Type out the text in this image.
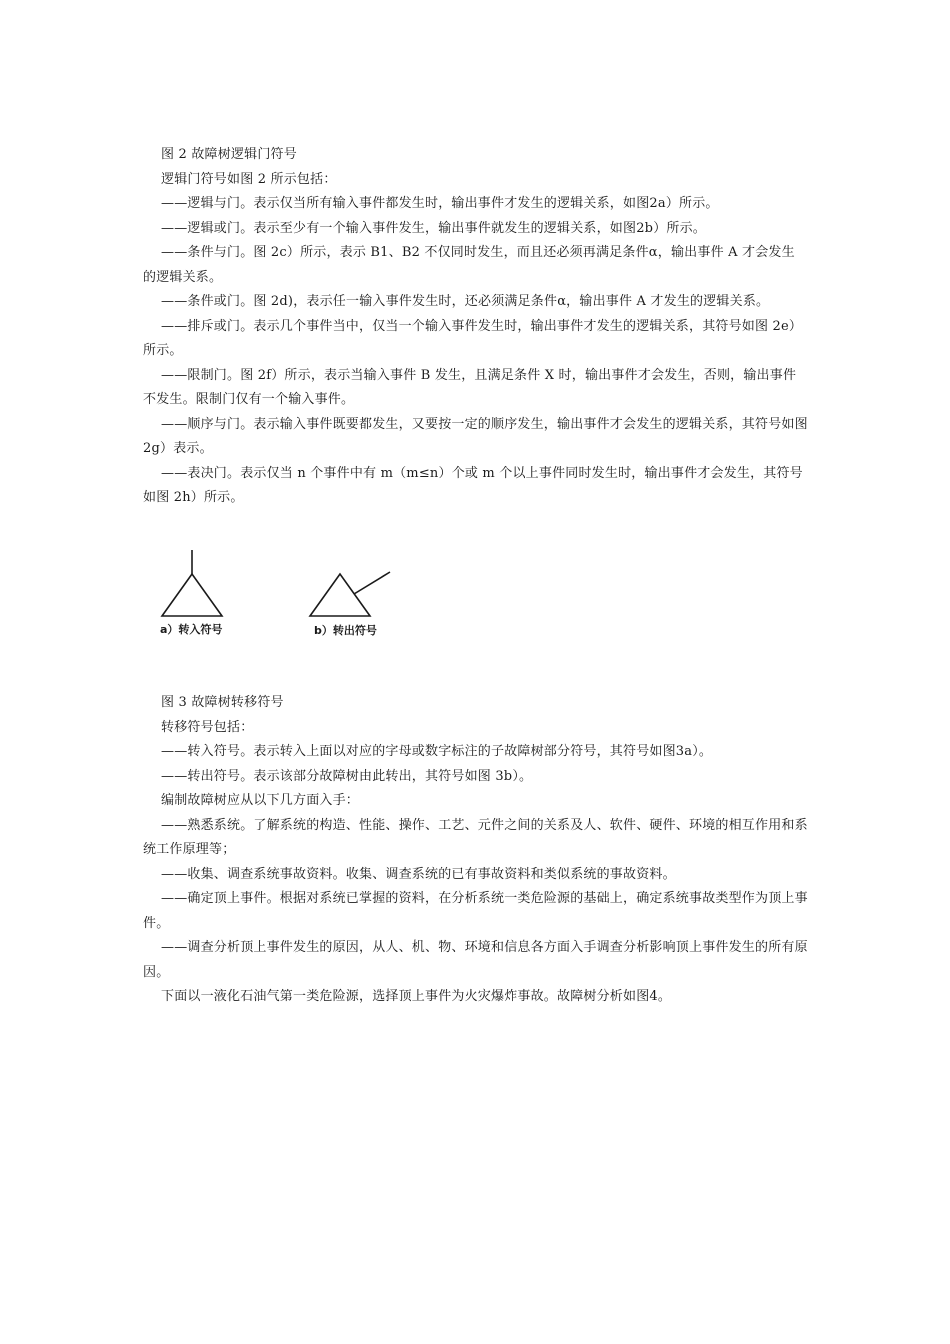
图 2 故障树逻辑门符号

逻辑门符号如图 2 所示包括：

——逻辑与门。表示仅当所有输入事件都发生时，输出事件才发生的逻辑关系，如图2a）所示。

——逻辑或门。表示至少有一个输入事件发生，输出事件就发生的逻辑关系，如图2b）所示。

——条件与门。图 2c）所示，表示 B1、B2 不仅同时发生，而且还必须再满足条件α，输出事件 A 才会发生的逻辑关系。

——条件或门。图 2d)，表示任一输入事件发生时，还必须满足条件α，输出事件 A 才发生的逻辑关系。

——排斥或门。表示几个事件当中，仅当一个输入事件发生时，输出事件才发生的逻辑关系，其符号如图 2e）所示。

——限制门。图 2f）所示，表示当输入事件 B 发生，且满足条件 X 时，输出事件才会发生，否则，输出事件不发生。限制门仅有一个输入事件。

——顺序与门。表示输入事件既要都发生，又要按一定的顺序发生，输出事件才会发生的逻辑关系，其符号如图 2g）表示。

——表决门。表示仅当 n 个事件中有 m（m≤n）个或 m 个以上事件同时发生时，输出事件才会发生，其符号如图 2h）所示。

a）转入符号	b）转出符号

图 3 故障树转移符号

转移符号包括：

——转入符号。表示转入上面以对应的字母或数字标注的子故障树部分符号，其符号如图3a）。

——转出符号。表示该部分故障树由此转出，其符号如图 3b）。

编制故障树应从以下几方面入手：

——熟悉系统。了解系统的构造、性能、操作、工艺、元件之间的关系及人、软件、硬件、环境的相互作用和系统工作原理等；

——收集、调查系统事故资料。收集、调查系统的已有事故资料和类似系统的事故资料。

——确定顶上事件。根据对系统已掌握的资料，在分析系统一类危险源的基础上，确定系统事故类型作为顶上事件。

——调查分析顶上事件发生的原因，从人、机、物、环境和信息各方面入手调查分析影响顶上事件发生的所有原因。

下面以一液化石油气第一类危险源，选择顶上事件为火灾爆炸事故。故障树分析如图4。
